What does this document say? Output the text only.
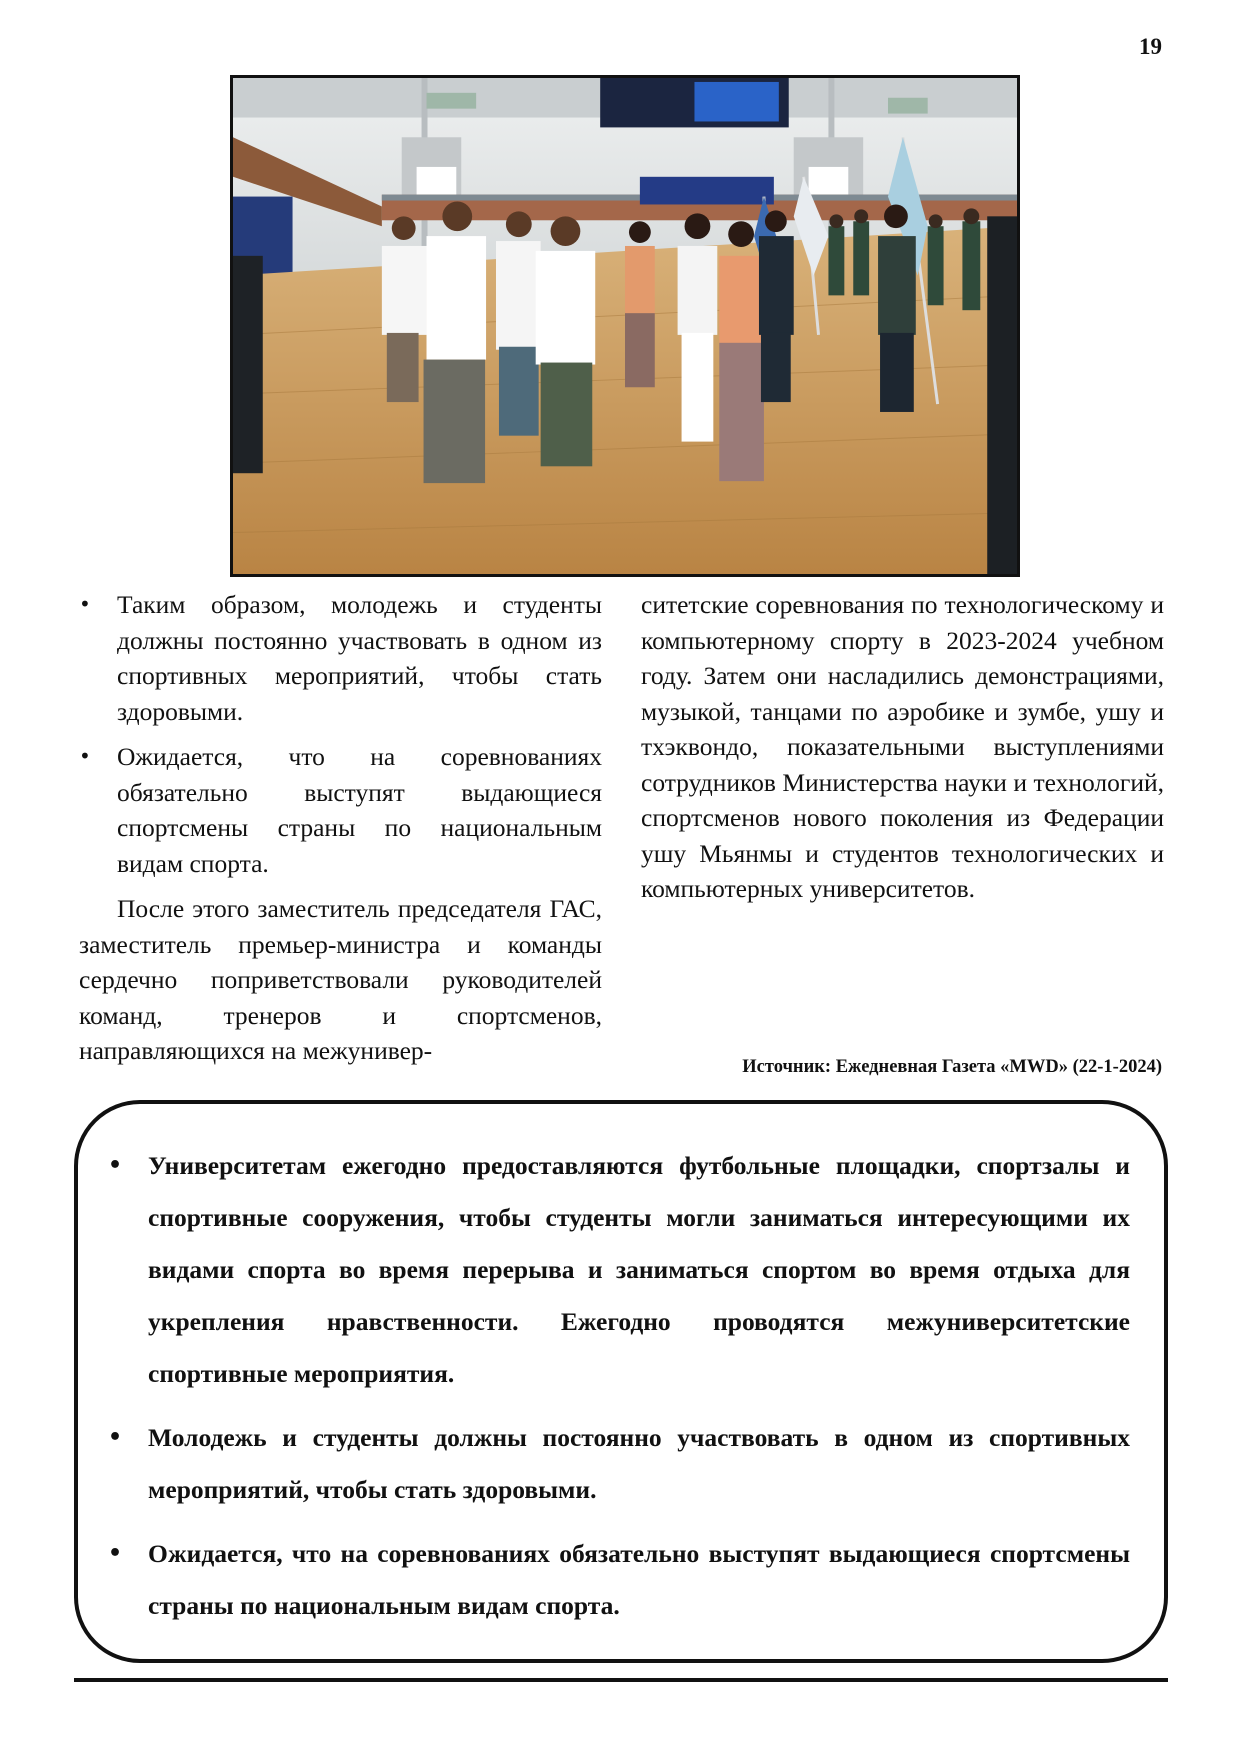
19
• Таким образом, молодежь и студенты должны постоянно участвовать в одном из спортивных мероприятий, чтобы стать здоровыми.
• Ожидается, что на соревнованиях обязательно выступят выдающиеся спортсмены страны по национальным видам спорта.

После этого заместитель председателя ГАС, заместитель премьер-министра и команды сердечно поприветствовали руководителей команд, тренеров и спортсменов, направляющихся на межунивер-

ситетские соревнования по технологическому и компьютерному спорту в 2023-2024 учебном году. Затем они насладились демонстрациями, музыкой, танцами по аэробике и зумбе, ушу и тхэквондо, показательными выступлениями сотрудников Министерства науки и технологий, спортсменов нового поколения из Федерации ушу Мьянмы и студентов технологических и компьютерных университетов.

Источник: Ежедневная Газета «MWD» (22-1-2024)
• Университетам ежегодно предоставляются футбольные площадки, спортзалы и спортивные сооружения, чтобы студенты могли заниматься интересующими их видами спорта во время перерыва и заниматься спортом во время отдыха для укрепления нравственности. Ежегодно проводятся межуниверситетские спортивные мероприятия.
• Молодежь и студенты должны постоянно участвовать в одном из спортивных мероприятий, чтобы стать здоровыми.
• Ожидается, что на соревнованиях обязательно выступят выдающиеся спортсмены страны по национальным видам спорта.
